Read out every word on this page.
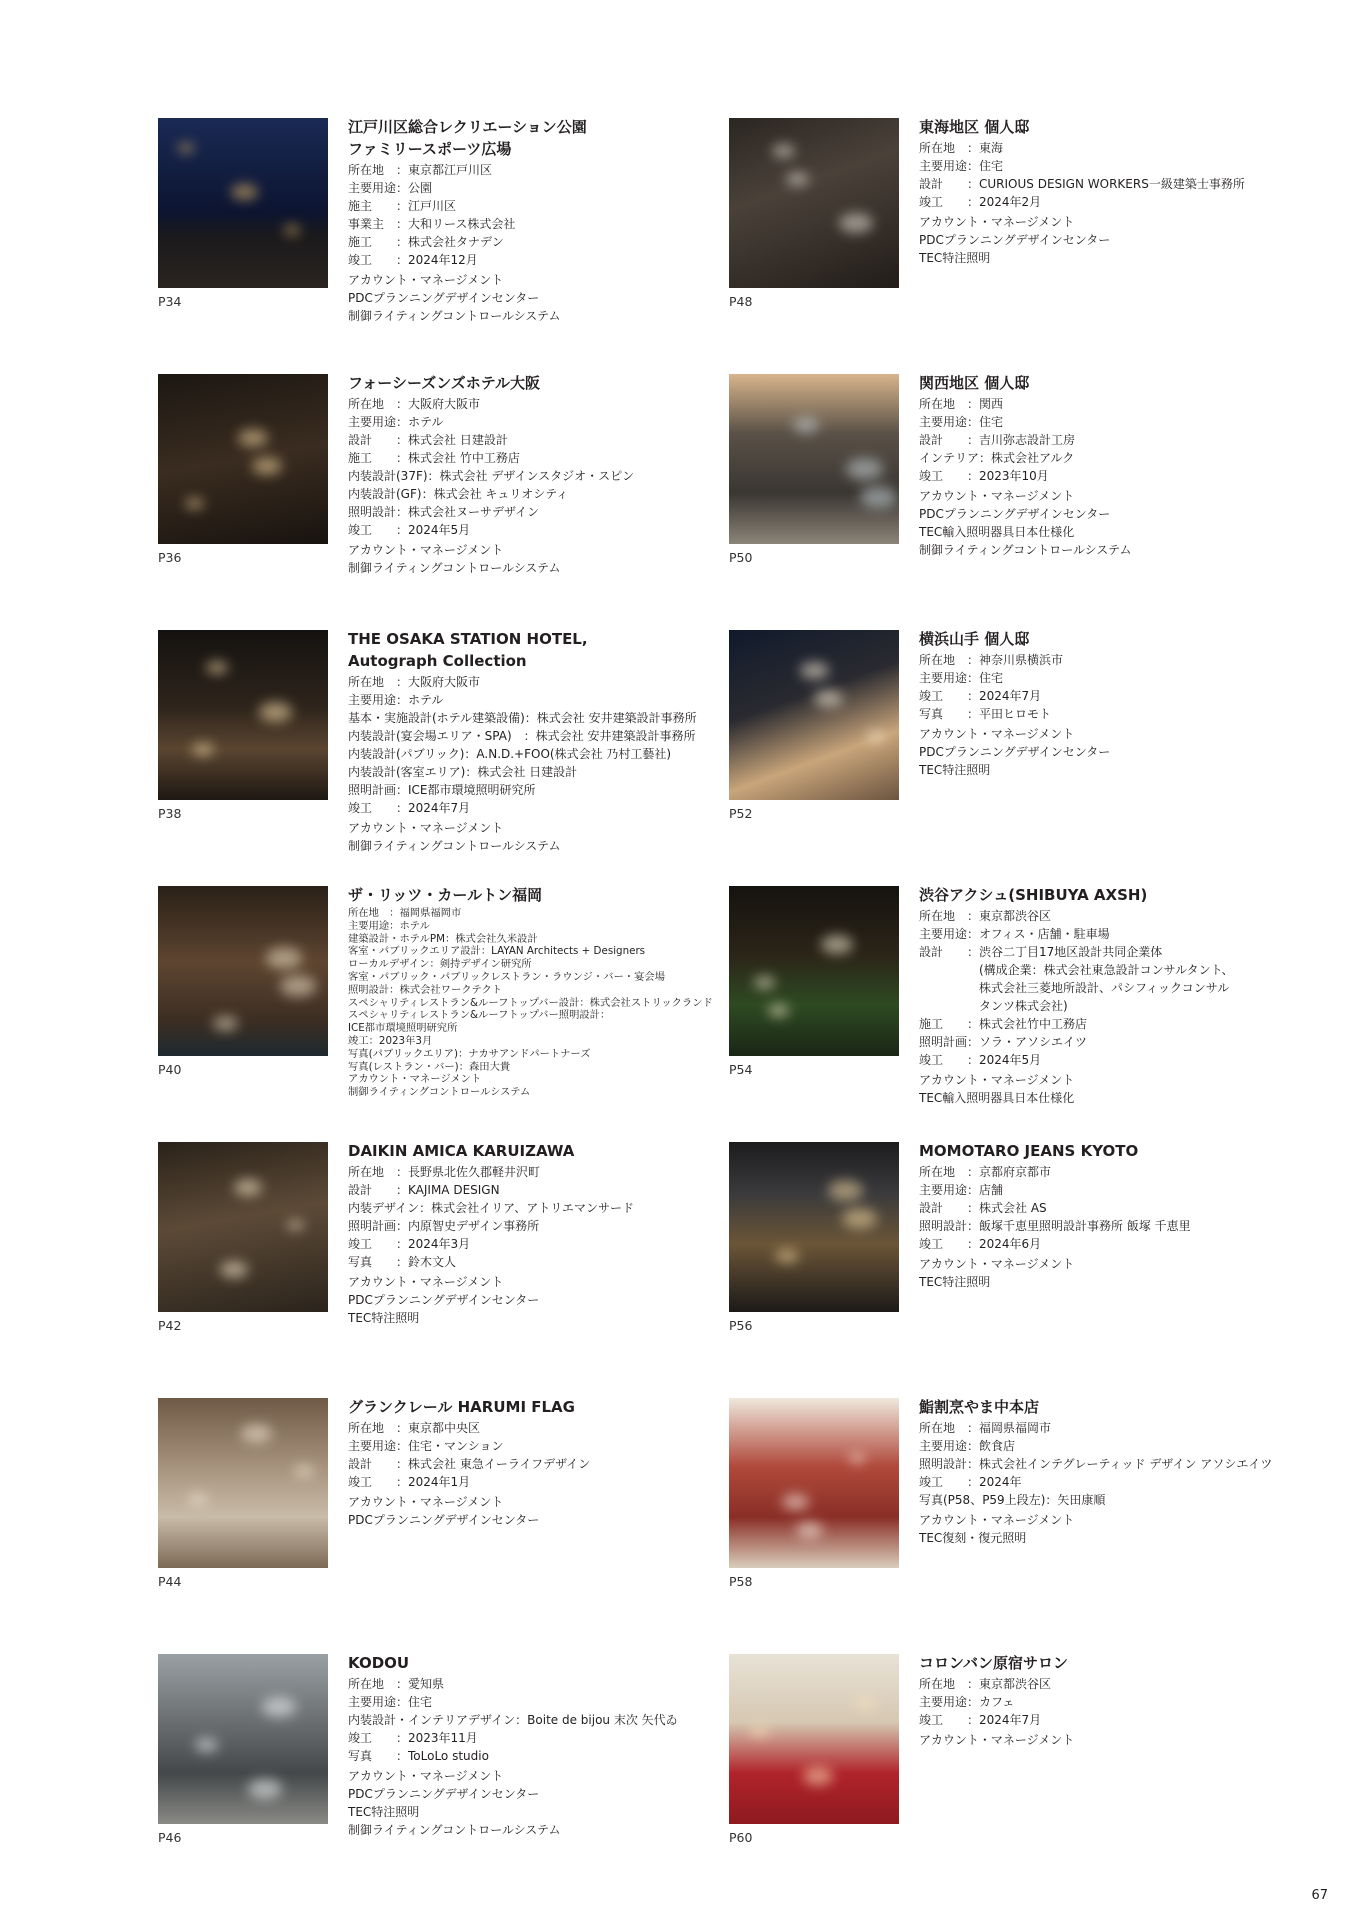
P34
江戸川区総合レクリエーション公園
ファミリースポーツ広場
所在地　：東京都江戸川区
主要用途：公園
施主　　：江戸川区
事業主　：大和リース株式会社
施工　　：株式会社タナデン
竣工　　：2024年12月
アカウント・マネージメント
PDCプランニングデザインセンター
制御ライティングコントロールシステム
P48
東海地区 個人邸
所在地　：東海
主要用途：住宅
設計　　：CURIOUS DESIGN WORKERS一級建築士事務所
竣工　　：2024年2月
アカウント・マネージメント
PDCプランニングデザインセンター
TEC特注照明
P36
フォーシーズンズホテル大阪
所在地　：大阪府大阪市
主要用途：ホテル
設計　　：株式会社 日建設計
施工　　：株式会社 竹中工務店
内装設計(37F)：株式会社 デザインスタジオ・スピン
内装設計(GF)：株式会社 キュリオシティ
照明設計：株式会社ヌーサデザイン
竣工　　：2024年5月
アカウント・マネージメント
制御ライティングコントロールシステム
P50
関西地区 個人邸
所在地　：関西
主要用途：住宅
設計　　：吉川弥志設計工房
インテリア：株式会社アルク
竣工　　：2023年10月
アカウント・マネージメント
PDCプランニングデザインセンター
TEC輸入照明器具日本仕様化
制御ライティングコントロールシステム
P38
THE OSAKA STATION HOTEL,
Autograph Collection
所在地　：大阪府大阪市
主要用途：ホテル
基本・実施設計(ホテル建築設備)：株式会社 安井建築設計事務所
内装設計(宴会場エリア・SPA)　：株式会社 安井建築設計事務所
内装設計(パブリック)：A.N.D.+FOO(株式会社 乃村工藝社)
内装設計(客室エリア)：株式会社 日建設計
照明計画：ICE都市環境照明研究所
竣工　　：2024年7月
アカウント・マネージメント
制御ライティングコントロールシステム
P52
横浜山手 個人邸
所在地　：神奈川県横浜市
主要用途：住宅
竣工　　：2024年7月
写真　　：平田ヒロモト
アカウント・マネージメント
PDCプランニングデザインセンター
TEC特注照明
P40
ザ・リッツ・カールトン福岡
所在地　：福岡県福岡市
主要用途：ホテル
建築設計・ホテルPM：株式会社久米設計
客室・パブリックエリア設計：LAYAN Architects + Designers
ローカルデザイン：剣持デザイン研究所
客室・パブリック・パブリックレストラン・ラウンジ・バー・宴会場
照明設計：株式会社ワークテクト
スペシャリティレストラン&ルーフトップバー設計：株式会社ストリックランド
スペシャリティレストラン&ルーフトップバー照明設計：
ICE都市環境照明研究所
竣工：2023年3月
写真(パブリックエリア)：ナカサアンドパートナーズ
写真(レストラン・バー)：森田大貴
アカウント・マネージメント
制御ライティングコントロールシステム
P54
渋谷アクシュ(SHIBUYA AXSH)
所在地　：東京都渋谷区
主要用途：オフィス・店舗・駐車場
設計　　：渋谷二丁目17地区設計共同企業体
　　　　　(構成企業：株式会社東急設計コンサルタント、
　　　　　株式会社三菱地所設計、パシフィックコンサル
　　　　　タンツ株式会社)
施工　　：株式会社竹中工務店
照明計画：ソラ・アソシエイツ
竣工　　：2024年5月
アカウント・マネージメント
TEC輸入照明器具日本仕様化
P42
DAIKIN AMICA KARUIZAWA
所在地　：長野県北佐久郡軽井沢町
設計　　：KAJIMA DESIGN
内装デザイン：株式会社イリア、アトリエマンサード
照明計画：内原智史デザイン事務所
竣工　　：2024年3月
写真　　：鈴木文人
アカウント・マネージメント
PDCプランニングデザインセンター
TEC特注照明	P56
MOMOTARO JEANS KYOTO
所在地　：京都府京都市
主要用途：店舗
設計　　：株式会社 AS
照明設計：飯塚千恵里照明設計事務所 飯塚 千恵里
竣工　　：2024年6月
アカウント・マネージメント
TEC特注照明
P44
グランクレール HARUMI FLAG
所在地　：東京都中央区
主要用途：住宅・マンション
設計　　：株式会社 東急イーライフデザイン
竣工　　：2024年1月
アカウント・マネージメント
PDCプランニングデザインセンター
P58
鮨割烹やま中本店
所在地　：福岡県福岡市
主要用途：飲食店
照明設計：株式会社インテグレーティッド デザイン アソシエイツ
竣工　　：2024年
写真(P58、P59上段左)：矢田康順
アカウント・マネージメント
TEC復刻・復元照明
P46
KODOU
所在地　：愛知県
主要用途：住宅
内装設計・インテリアデザイン：Boite de bijou 末次 矢代ゐ
竣工　　：2023年11月
写真　　：ToLoLo studio
アカウント・マネージメント
PDCプランニングデザインセンター
TEC特注照明
制御ライティングコントロールシステム	P60
コロンバン原宿サロン
所在地　：東京都渋谷区
主要用途：カフェ
竣工　　：2024年7月
アカウント・マネージメント
67
